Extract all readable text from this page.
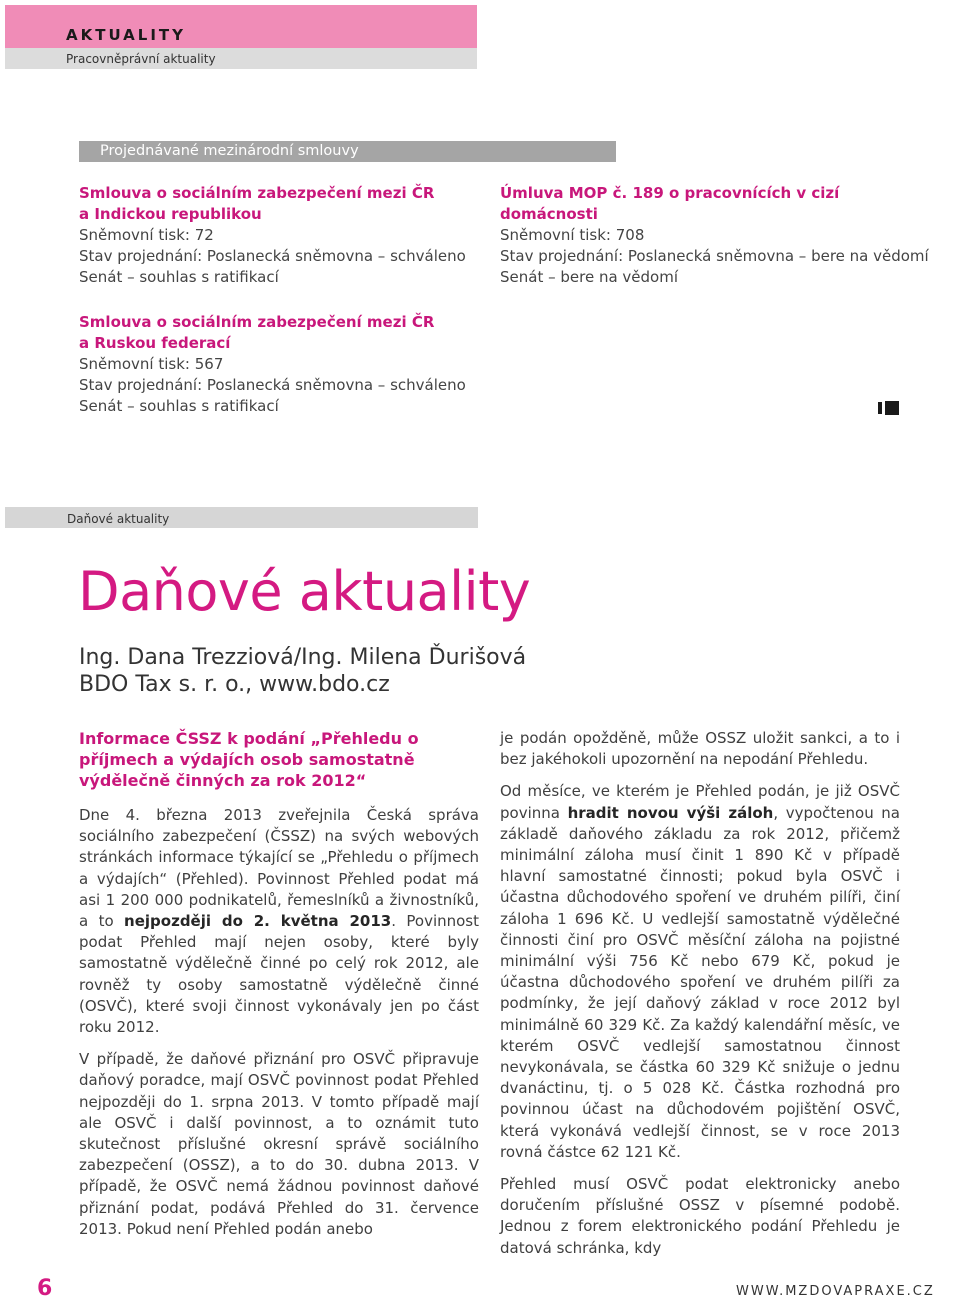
AKTUALITY
Pracovněprávní aktuality
Projednávané mezinárodní smlouvy
Smlouva o sociálním zabezpečení mezi ČR
a Indickou republikou
Sněmovní tisk: 72
Stav projednání: Poslanecká sněmovna – schváleno
Senát – souhlas s ratifikací
Smlouva o sociálním zabezpečení mezi ČR
a Ruskou federací
Sněmovní tisk: 567
Stav projednání: Poslanecká sněmovna – schváleno
Senát – souhlas s ratifikací
Úmluva MOP č. 189 o pracovnících v cizí
domácnosti
Sněmovní tisk: 708
Stav projednání: Poslanecká sněmovna – bere na vědomí
Senát – bere na vědomí
Daňové aktuality
Daňové aktuality
Ing. Dana Trezziová/Ing. Milena Ďurišová
BDO Tax s. r. o., www.bdo.cz
Informace ČSSZ k podání „Přehledu o příjmech a výdajích osob samostatně výdělečně činných za rok 2012“

Dne 4. března 2013 zveřejnila Česká správa sociálního zabezpečení (ČSSZ) na svých webových stránkách informace týkající se „Přehledu o příjmech a výdajích“ (Přehled). Povinnost Přehled podat má asi 1 200 000 podnikatelů, řemeslníků a živnostníků, a to nejpozději do 2. května 2013. Povinnost podat Přehled mají nejen osoby, které byly samostatně výdělečně činné po celý rok 2012, ale rovněž ty osoby samostatně výdělečně činné (OSVČ), které svoji činnost vykonávaly jen po část roku 2012.

V případě, že daňové přiznání pro OSVČ připravuje daňový poradce, mají OSVČ povinnost podat Přehled nejpozději do 1. srpna 2013. V tomto případě mají ale OSVČ i další povinnost, a to oznámit tuto skutečnost příslušné okresní správě sociálního zabezpečení (OSSZ), a to do 30. dubna 2013. V případě, že OSVČ nemá žádnou povinnost daňové přiznání podat, podává Přehled do 31. července 2013. Pokud není Přehled podán anebo

je podán opožděně, může OSSZ uložit sankci, a to i bez jakéhokoli upozornění na nepodání Přehledu.

Od měsíce, ve kterém je Přehled podán, je již OSVČ povinna hradit novou výši záloh, vypočtenou na základě daňového základu za rok 2012, přičemž minimální záloha musí činit 1 890 Kč v případě hlavní samostatné činnosti; pokud byla OSVČ i účastna důchodového spoření ve druhém pilíři, činí záloha 1 696 Kč. U vedlejší samostatně výdělečné činnosti činí pro OSVČ měsíční záloha na pojistné minimální výši 756 Kč nebo 679 Kč, pokud je účastna důchodového spoření ve druhém pilíři za podmínky, že její daňový základ v roce 2012 byl minimálně 60 329 Kč. Za každý kalendářní měsíc, ve kterém OSVČ vedlejší samostatnou činnost nevykonávala, se částka 60 329 Kč snižuje o jednu dvanáctinu, tj. o 5 028 Kč. Částka rozhodná pro povinnou účast na důchodovém pojištění OSVČ, která vykonává vedlejší činnost, se v roce 2013 rovná částce 62 121 Kč.

Přehled musí OSVČ podat elektronicky anebo doručením příslušné OSSZ v písemné podobě. Jednou z forem elektronického podání Přehledu je datová schránka, kdy

6	WWW.MZDOVAPRAXE.CZ
